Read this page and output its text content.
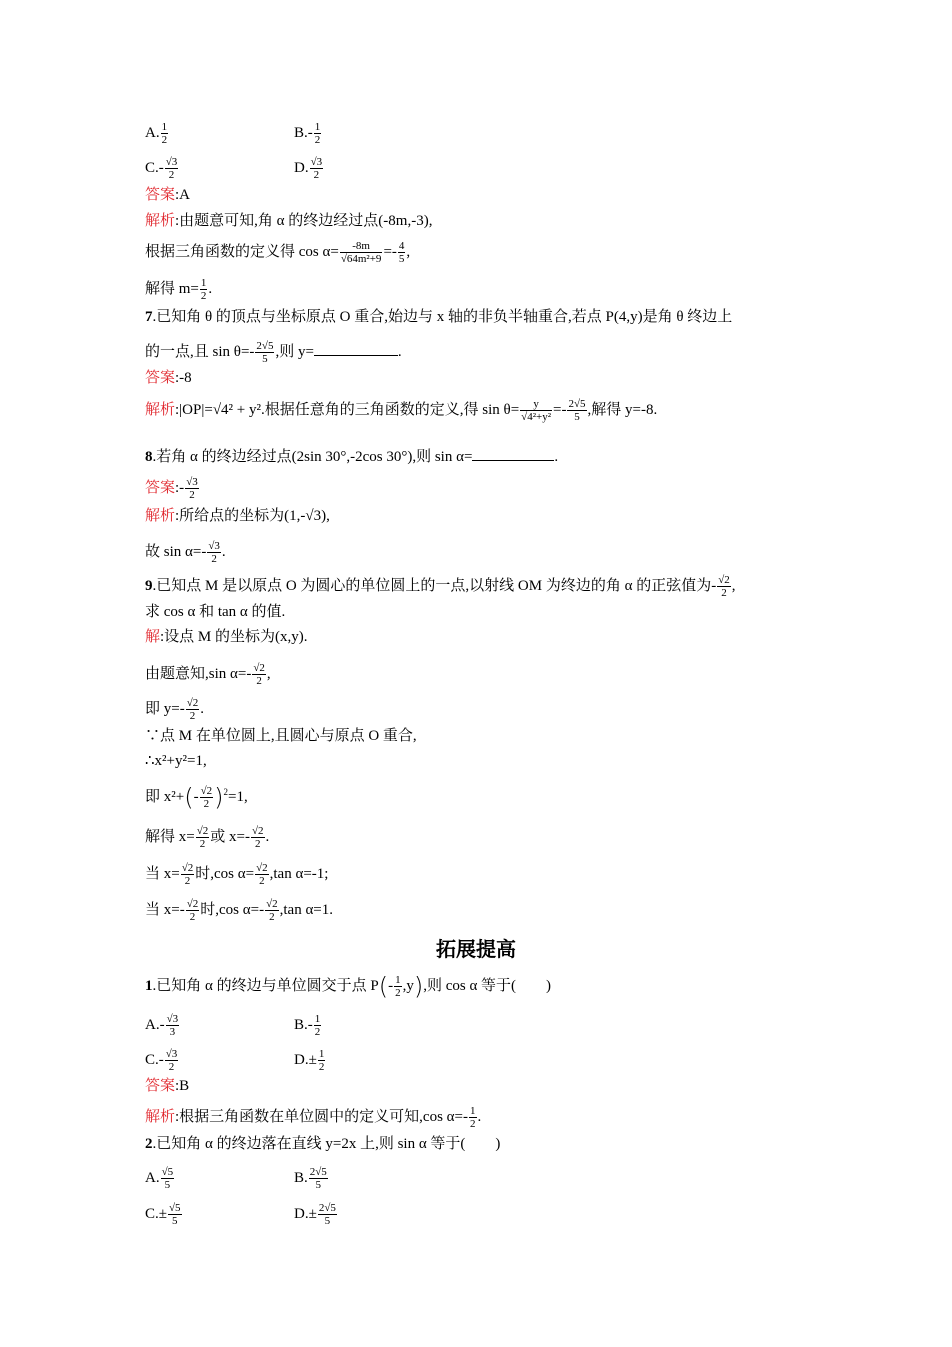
A. $\frac{1}{2}$	$B.- \frac{1}{2}$
$C.- \frac{√3}{2}$	D. $\frac{√3}{2}$
答案:A
解析:由题意可知,角 α 的终边经过点(-8m,-3),
根据三角函数的定义得 $\cos \alpha= \frac{-8m}{\text{√64m²+9}} =- \frac{4}{5}$ ,
解得 $m= \frac{1}{2}$ .
7.已知角 θ 的顶点与坐标原点 O 重合,始边与 x 轴的非负半轴重合,若点 P(4,y)是角 θ 终边上
的一点,且 $\sin \theta=- \frac{2√5}{5}$ ,则 y=	.
答案:-8
解析:|OP|=√4² + y².根据任意角的三角函数的定义,得 $\sin \theta= \frac{y}{\text{√4²+y²}} =- \frac{2√5}{5}$ ,解得 y=-8.
8.若角 α 的终边经过点(2sin 30°,-2cos 30°),则 sin α=	.
答案:- $\frac{√3}{2}$
解析:所给点的坐标为(1,-√3),
故 $\sin \alpha=- \frac{√3}{2}$ .
9.已知点 M 是以原点 O 为圆心的单位圆上的一点,以射线 OM 为终边的角 α 的正弦值为- $\frac{√2}{2}$ ,
求 cos α 和 tan α 的值.
解:设点 M 的坐标为(x,y).
由题意知,sin $\alpha=- \frac{√2}{2}$ ,
即 $y=- \frac{√2}{2}$ .
∵点 M 在单位圆上,且圆心与原点 O 重合,
∴x²+y²=1,
即 $x^2+(- \frac{√2}{2} )^2=1$,
解得 $x= \frac{√2}{2}$ 或 $x=- \frac{√2}{2}$ .
当 $x= \frac{√2}{2}$ 时,cos $\alpha= \frac{√2}{2} ,\tan$ α=-1;
当 $x=- \frac{√2}{2}$ 时,cos $\alpha=- \frac{√2}{2} ,\tan$ α=1.
拓展提高
1.已知角 α 的终边与单位圆交于点 $P(- \frac{1}{2} ,y)$,则 cos α 等于(　　)
$A.- \frac{√3}{3}$	$B.- \frac{1}{2}$
$C.- \frac{√3}{2}$	$D.\pm \frac{1}{2}$
答案:B
解析:根据三角函数在单位圆中的定义可知,cos $\alpha=- \frac{1}{2}$ .
2.已知角 α 的终边落在直线 y=2x 上,则 sin α 等于(　　)
A. $\frac{√5}{5}$	B. $\frac{2√5}{5}$
$C.\pm \frac{√5}{5}$	$D.\pm \frac{2√5}{5}$
